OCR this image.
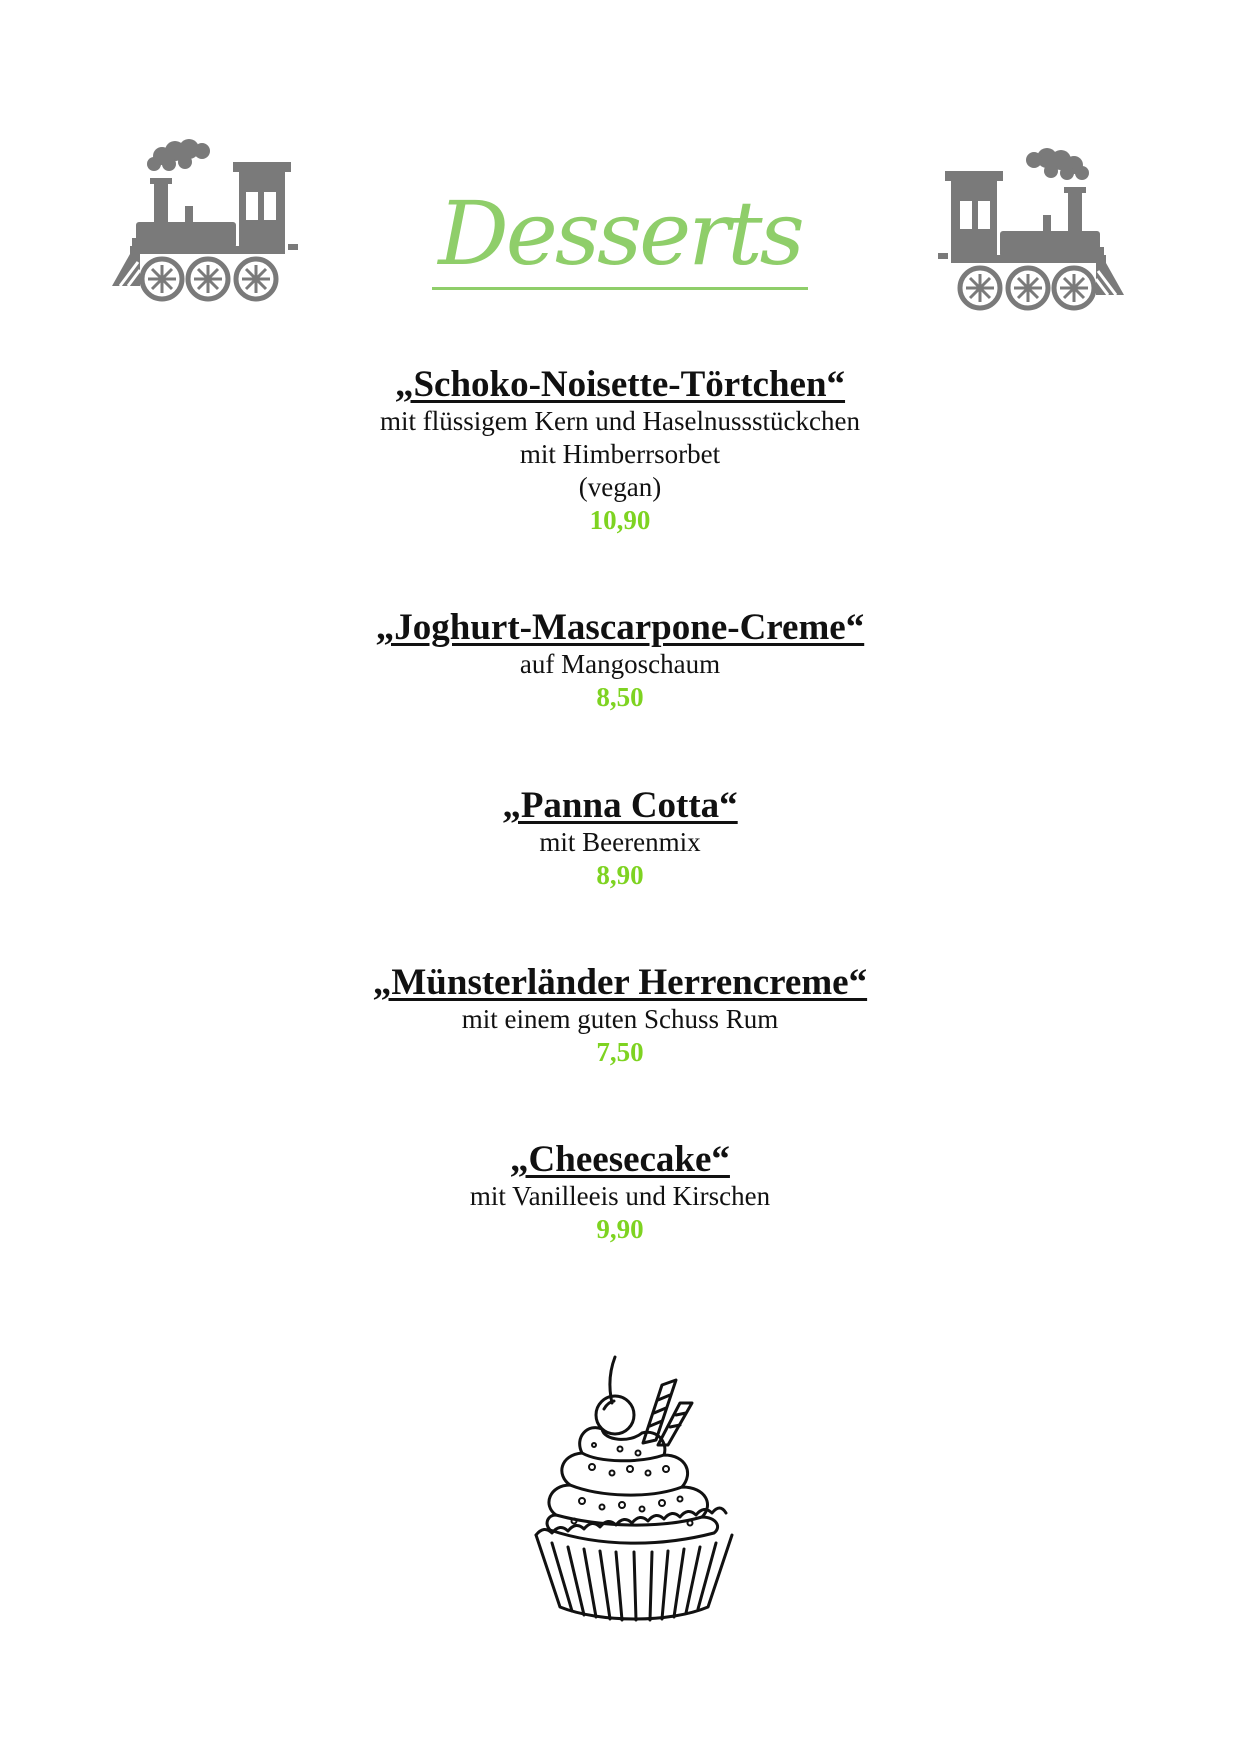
Desserts
„Schoko-Noisette-Törtchen“
mit flüssigem Kern und Haselnussstückchen
mit Himberrsorbet
(vegan)
10,90
„Joghurt-Mascarpone-Creme“
auf Mangoschaum
8,50
„Panna Cotta“
mit Beerenmix
8,90
„Münsterländer Herrencreme“
mit einem guten Schuss Rum
7,50
„Cheesecake“
mit Vanilleeis und Kirschen
9,90
